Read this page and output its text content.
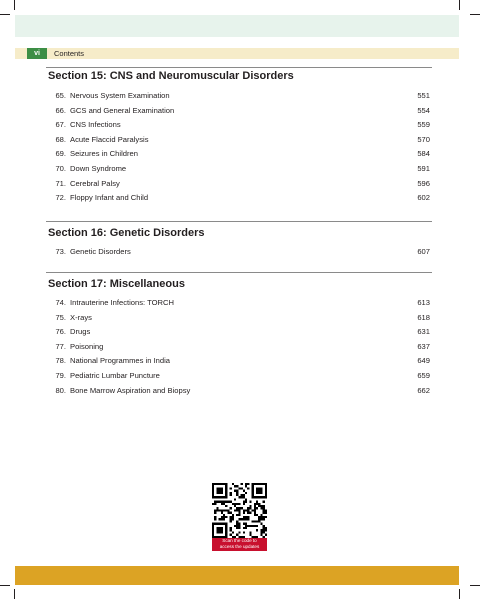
vi	Contents
Section 15: CNS and Neuromuscular Disorders
65. Nervous System Examination	551
66. GCS and General Examination	554
67. CNS Infections	559
68. Acute Flaccid Paralysis	570
69. Seizures in Children	584
70. Down Syndrome	591
71. Cerebral Palsy	596
72. Floppy Infant and Child	602
Section 16: Genetic Disorders
73. Genetic Disorders	607
Section 17: Miscellaneous
74. Intrauterine Infections: TORCH	613
75. X-rays	618
76. Drugs	631
77. Poisoning	637
78. National Programmes in India	649
79. Pediatric Lumbar Puncture	659
80. Bone Marrow Aspiration and Biopsy	662
Scan the code to
access the updates
